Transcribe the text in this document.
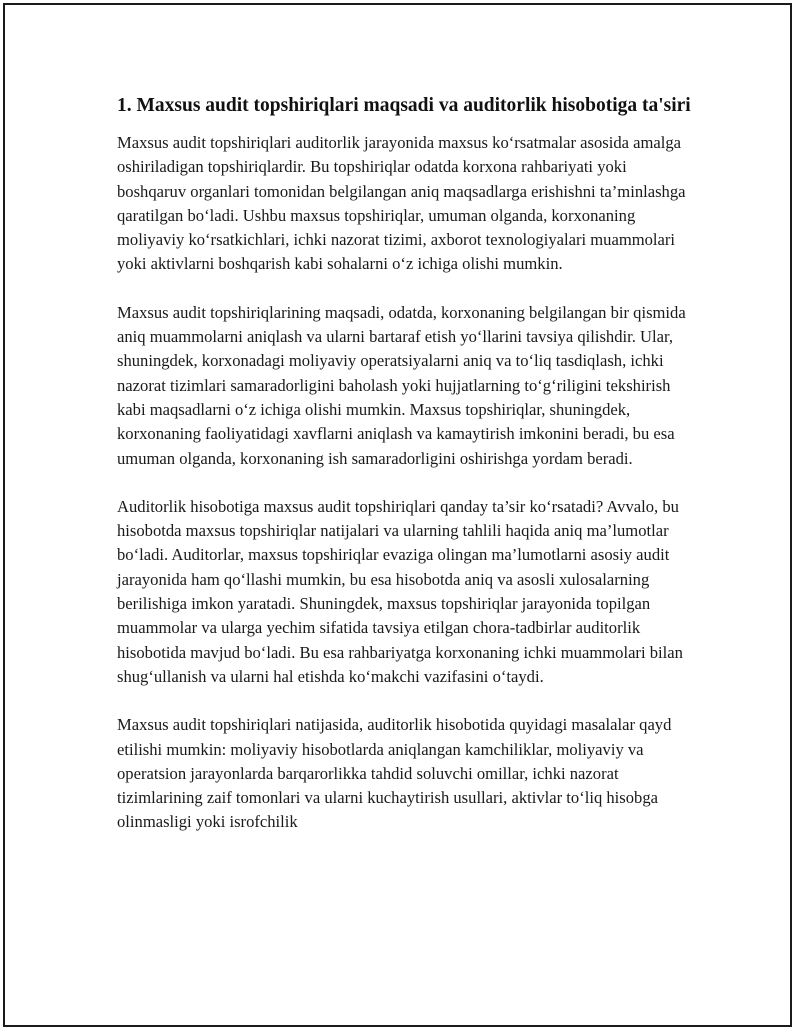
1. Maxsus audit topshiriqlari maqsadi va auditorlik hisobotiga ta'siri

Maxsus audit topshiriqlari auditorlik jarayonida maxsus ko‘rsatmalar asosida amalga oshiriladigan topshiriqlardir. Bu topshiriqlar odatda korxona rahbariyati yoki boshqaruv organlari tomonidan belgilangan aniq maqsadlarga erishishni ta’minlashga qaratilgan bo‘ladi. Ushbu maxsus topshiriqlar, umuman olganda, korxonaning moliyaviy ko‘rsatkichlari, ichki nazorat tizimi, axborot texnologiyalari muammolari yoki aktivlarni boshqarish kabi sohalarni o‘z ichiga olishi mumkin.

Maxsus audit topshiriqlarining maqsadi, odatda, korxonaning belgilangan bir qismida aniq muammolarni aniqlash va ularni bartaraf etish yo‘llarini tavsiya qilishdir. Ular, shuningdek, korxonadagi moliyaviy operatsiyalarni aniq va to‘liq tasdiqlash, ichki nazorat tizimlari samaradorligini baholash yoki hujjatlarning to‘g‘riligini tekshirish kabi maqsadlarni o‘z ichiga olishi mumkin. Maxsus topshiriqlar, shuningdek, korxonaning faoliyatidagi xavflarni aniqlash va kamaytirish imkonini beradi, bu esa umuman olganda, korxonaning ish samaradorligini oshirishga yordam beradi.

Auditorlik hisobotiga maxsus audit topshiriqlari qanday ta’sir ko‘rsatadi? Avvalo, bu hisobotda maxsus topshiriqlar natijalari va ularning tahlili haqida aniq ma’lumotlar bo‘ladi. Auditorlar, maxsus topshiriqlar evaziga olingan ma’lumotlarni asosiy audit jarayonida ham qo‘llashi mumkin, bu esa hisobotda aniq va asosli xulosalarning berilishiga imkon yaratadi. Shuningdek, maxsus topshiriqlar jarayonida topilgan muammolar va ularga yechim sifatida tavsiya etilgan chora-tadbirlar auditorlik hisobotida mavjud bo‘ladi. Bu esa rahbariyatga korxonaning ichki muammolari bilan shug‘ullanish va ularni hal etishda ko‘makchi vazifasini o‘taydi.

Maxsus audit topshiriqlari natijasida, auditorlik hisobotida quyidagi masalalar qayd etilishi mumkin: moliyaviy hisobotlarda aniqlangan kamchiliklar, moliyaviy va operatsion jarayonlarda barqarorlikka tahdid soluvchi omillar, ichki nazorat tizimlarining zaif tomonlari va ularni kuchaytirish usullari, aktivlar to‘liq hisobga olinmasligi yoki isrofchilik
